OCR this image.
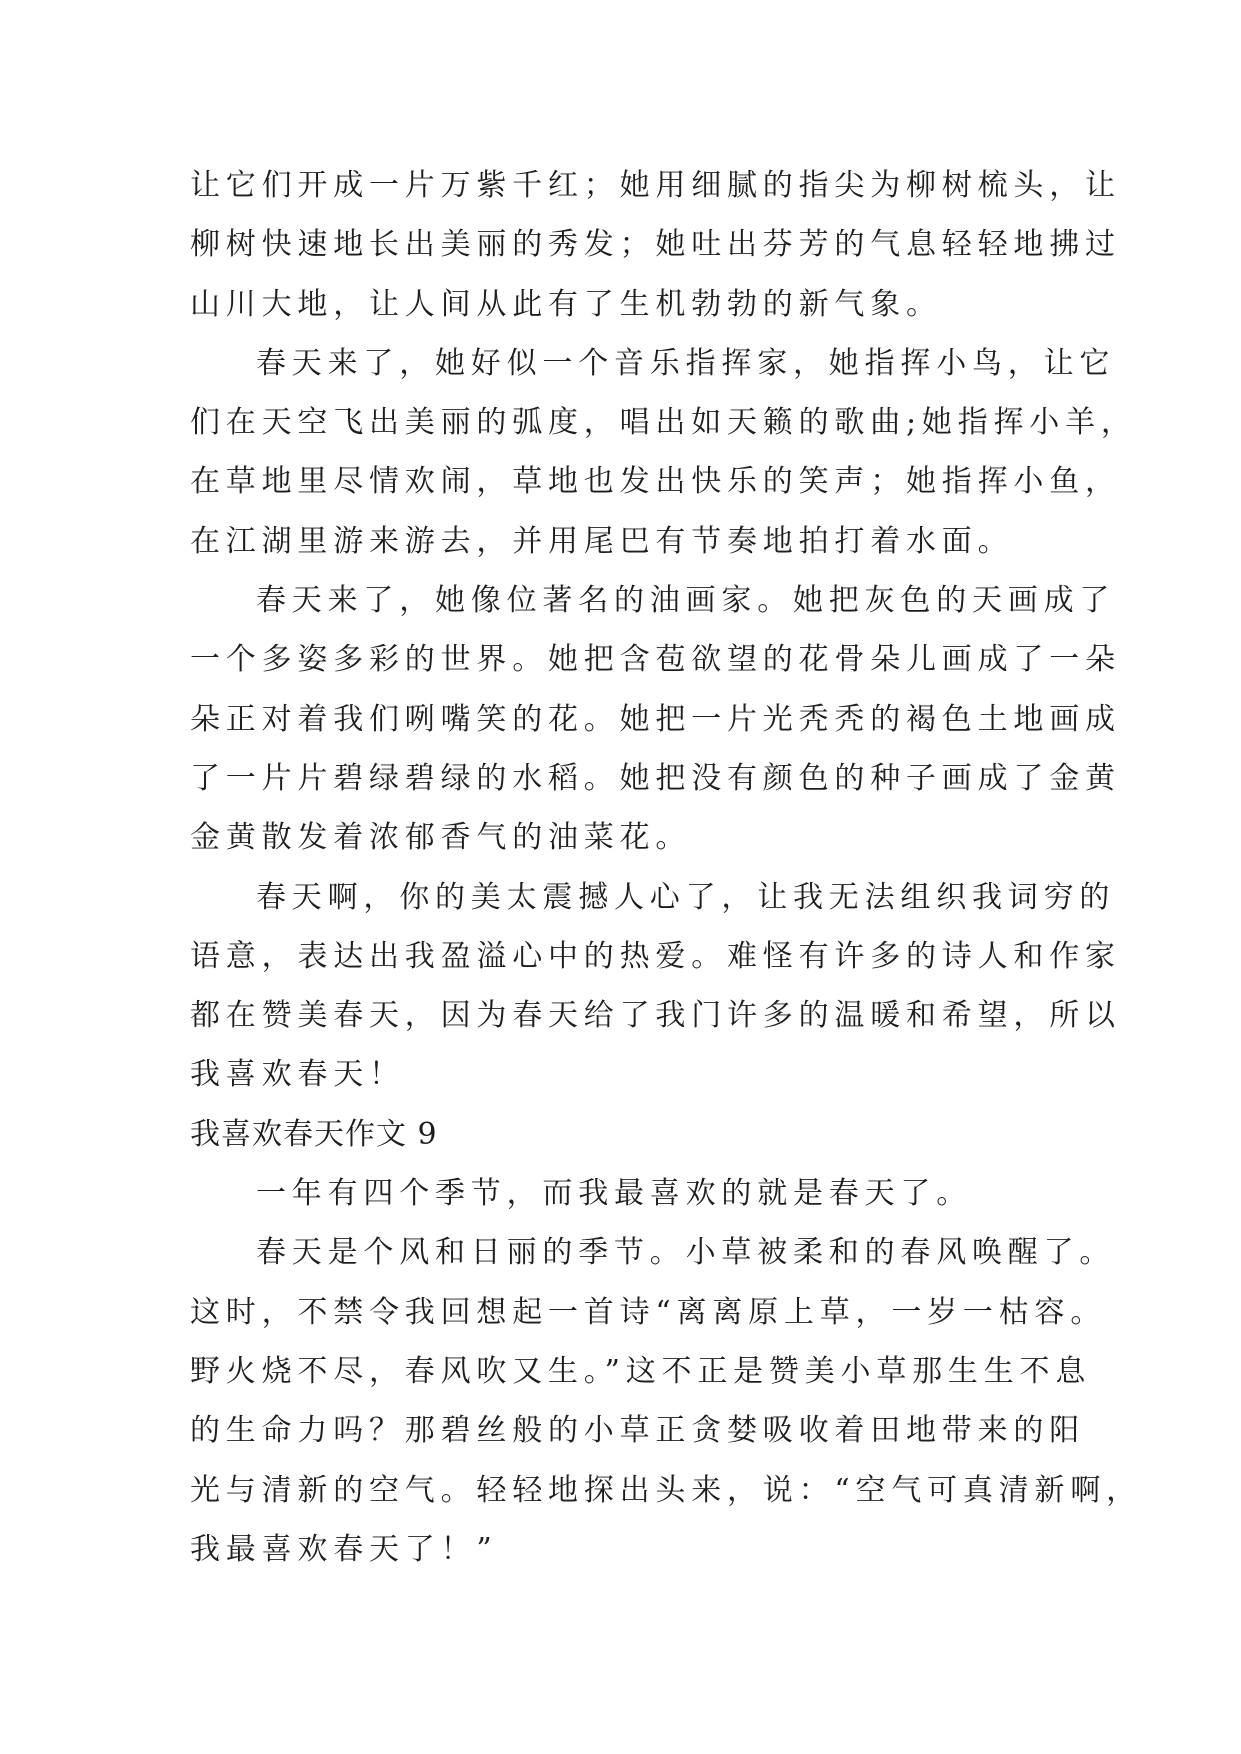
让它们开成一片万紫千红；她用细腻的指尖为柳树梳头，让
柳树快速地长出美丽的秀发；她吐出芬芳的气息轻轻地拂过
山川大地，让人间从此有了生机勃勃的新气象。
春天来了，她好似一个音乐指挥家，她指挥小鸟，让它
们在天空飞出美丽的弧度，唱出如天籁的歌曲;她指挥小羊，
在草地里尽情欢闹，草地也发出快乐的笑声；她指挥小鱼，
在江湖里游来游去，并用尾巴有节奏地拍打着水面。
春天来了，她像位著名的油画家。她把灰色的天画成了
一个多姿多彩的世界。她把含苞欲望的花骨朵儿画成了一朵
朵正对着我们咧嘴笑的花。她把一片光秃秃的褐色土地画成
了一片片碧绿碧绿的水稻。她把没有颜色的种子画成了金黄
金黄散发着浓郁香气的油菜花。
春天啊，你的美太震撼人心了，让我无法组织我词穷的
语意，表达出我盈溢心中的热爱。难怪有许多的诗人和作家
都在赞美春天，因为春天给了我门许多的温暖和希望，所以
我喜欢春天！
我喜欢春天作文 9
一年有四个季节，而我最喜欢的就是春天了。
春天是个风和日丽的季节。小草被柔和的春风唤醒了。
这时，不禁令我回想起一首诗“离离原上草，一岁一枯容。
野火烧不尽，春风吹又生。”这不正是赞美小草那生生不息
的生命力吗？那碧丝般的小草正贪婪吸收着田地带来的阳
光与清新的空气。轻轻地探出头来，说：“空气可真清新啊，
我最喜欢春天了！”
